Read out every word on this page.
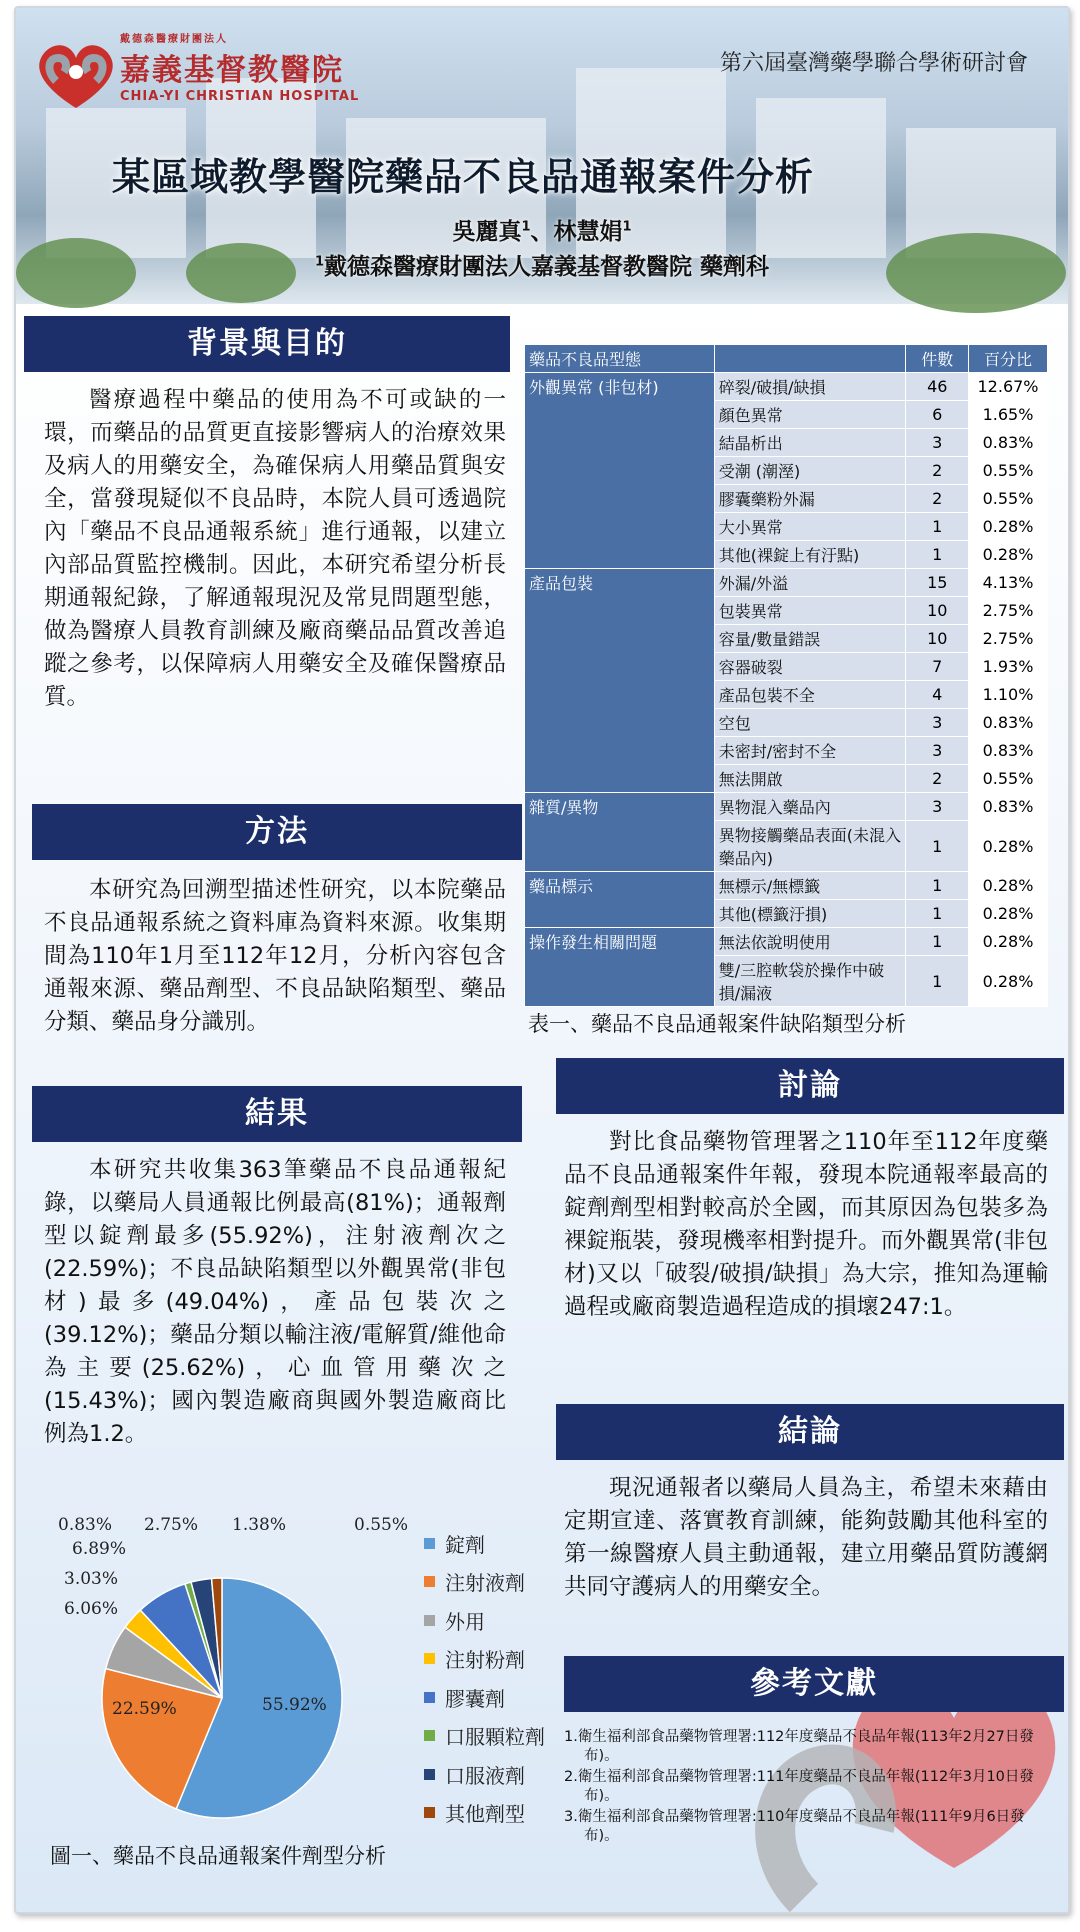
戴德森醫療財團法人
嘉義基督教醫院
CHIA-YI CHRISTIAN HOSPITAL
第六屆臺灣藥學聯合學術研討會
某區域教學醫院藥品不良品通報案件分析
吳麗真$^1$、林慧娟$^1$
$^1$戴德森醫療財團法人嘉義基督教醫院 藥劑科
背景與目的
醫療過程中藥品的使用為不可或缺的一環，而藥品的品質更直接影響病人的治療效果及病人的用藥安全，為確保病人用藥品質與安全，當發現疑似不良品時，本院人員可透過院內「藥品不良品通報系統」進行通報，以建立內部品質監控機制。因此，本研究希望分析長期通報紀錄，了解通報現況及常見問題型態，做為醫療人員教育訓練及廠商藥品品質改善追蹤之參考，以保障病人用藥安全及確保醫療品質。
方法
本研究為回溯型描述性研究，以本院藥品不良品通報系統之資料庫為資料來源。收集期間為110年1月至112年12月，分析內容包含通報來源、藥品劑型、不良品缺陷類型、藥品分類、藥品身分識別。
結果
本研究共收集363筆藥品不良品通報紀錄，以藥局人員通報比例最高(81%)；通報劑型以錠劑最多(55.92%)，注射液劑次之(22.59%)；不良品缺陷類型以外觀異常(非包材)最多(49.04%)，產品包裝次之(39.12%)；藥品分類以輸注液/電解質/維他命為主要(25.62%)，心血管用藥次之(15.43%)；國內製造廠商與國外製造廠商比例為1.2。
55.92%
22.59%
6.06%
3.03%
6.89%
0.83% 2.75% 1.38%	0.55%
錠劑
注射液劑
外用
注射粉劑
膠囊劑
口服顆粒劑
口服液劑
其他劑型
圖一、藥品不良品通報案件劑型分析
藥品不良品型態		件數	百分比
外觀異常 (非包材)	碎裂/破損/缺損	46	12.67%
	顏色異常	6	1.65%
	結晶析出	3	0.83%
	受潮 (潮溼)	2	0.55%
	膠囊藥粉外漏	2	0.55%
	大小異常	1	0.28%
	其他(裸錠上有汙點)	1	0.28%
產品包裝	外漏/外溢	15	4.13%
	包裝異常	10	2.75%
	容量/數量錯誤	10	2.75%
	容器破裂	7	1.93%
	產品包裝不全	4	1.10%
	空包	3	0.83%
	未密封/密封不全	3	0.83%
	無法開啟	2	0.55%
雜質/異物	異物混入藥品內	3	0.83%
	異物接觸藥品表面(未混入藥品內)	1	0.28%
藥品標示	無標示/無標籤	1	0.28%
	其他(標籤汙損)	1	0.28%
操作發生相關問題	無法依說明使用	1	0.28%
	雙/三腔軟袋於操作中破損/漏液	1	0.28%
表一、藥品不良品通報案件缺陷類型分析
討論
對比食品藥物管理署之110年至112年度藥品不良品通報案件年報，發現本院通報率最高的錠劑劑型相對較高於全國，而其原因為包裝多為裸錠瓶裝，發現機率相對提升。而外觀異常(非包材)又以「破裂/破損/缺損」為大宗，推知為運輸過程或廠商製造過程造成的損壞247:1。
結論
現況通報者以藥局人員為主，希望未來藉由定期宣達、落實教育訓練，能夠鼓勵其他科室的第一線醫療人員主動通報，建立用藥品質防護網共同守護病人的用藥安全。
參考文獻
1.衛生福利部食品藥物管理署:112年度藥品不良品年報(113年2月27日發布)。
2.衛生福利部食品藥物管理署:111年度藥品不良品年報(112年3月10日發布)。
3.衛生福利部食品藥物管理署:110年度藥品不良品年報(111年9月6日發布)。
